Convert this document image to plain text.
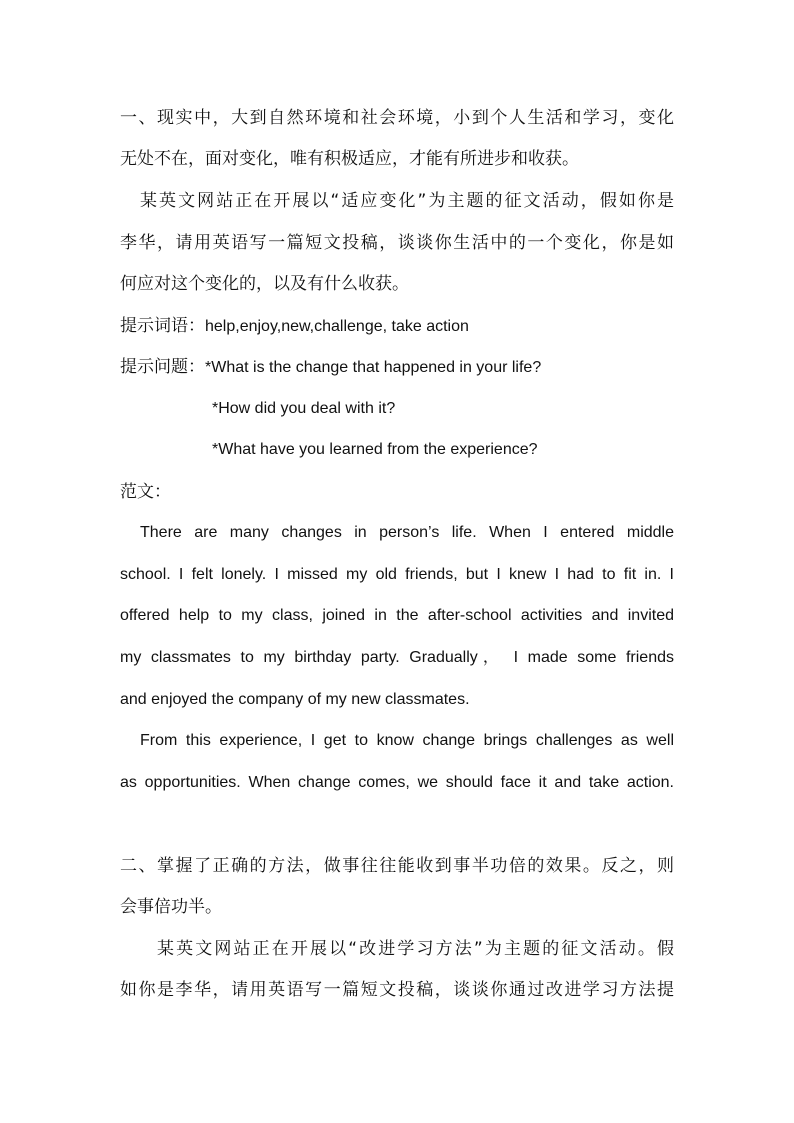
一、现实中，大到自然环境和社会环境，小到个人生活和学习，变化
无处不在，面对变化，唯有积极适应，才能有所进步和收获。
某英文网站正在开展以“适应变化”为主题的征文活动，假如你是
李华，请用英语写一篇短文投稿，谈谈你生活中的一个变化，你是如
何应对这个变化的，以及有什么收获。
提示词语：help,enjoy,new,challenge, take action
提示问题：*What is the change that happened in your life?
*How did you deal with it?
*What have you learned from the experience?
范文：
There are many changes in person’s life. When I entered middle
school. I felt lonely. I missed my old friends, but I knew I had to fit in. I
offered help to my class, joined in the after-school activities and invited
my classmates to my birthday party. Gradually， I made some friends
and enjoyed the company of my new classmates.
From this experience, I get to know change brings challenges as well
as opportunities. When change comes, we should face it and take action.
二、掌握了正确的方法，做事往往能收到事半功倍的效果。反之，则
会事倍功半。
某英文网站正在开展以“改进学习方法”为主题的征文活动。假
如你是李华，请用英语写一篇短文投稿，谈谈你通过改进学习方法提
